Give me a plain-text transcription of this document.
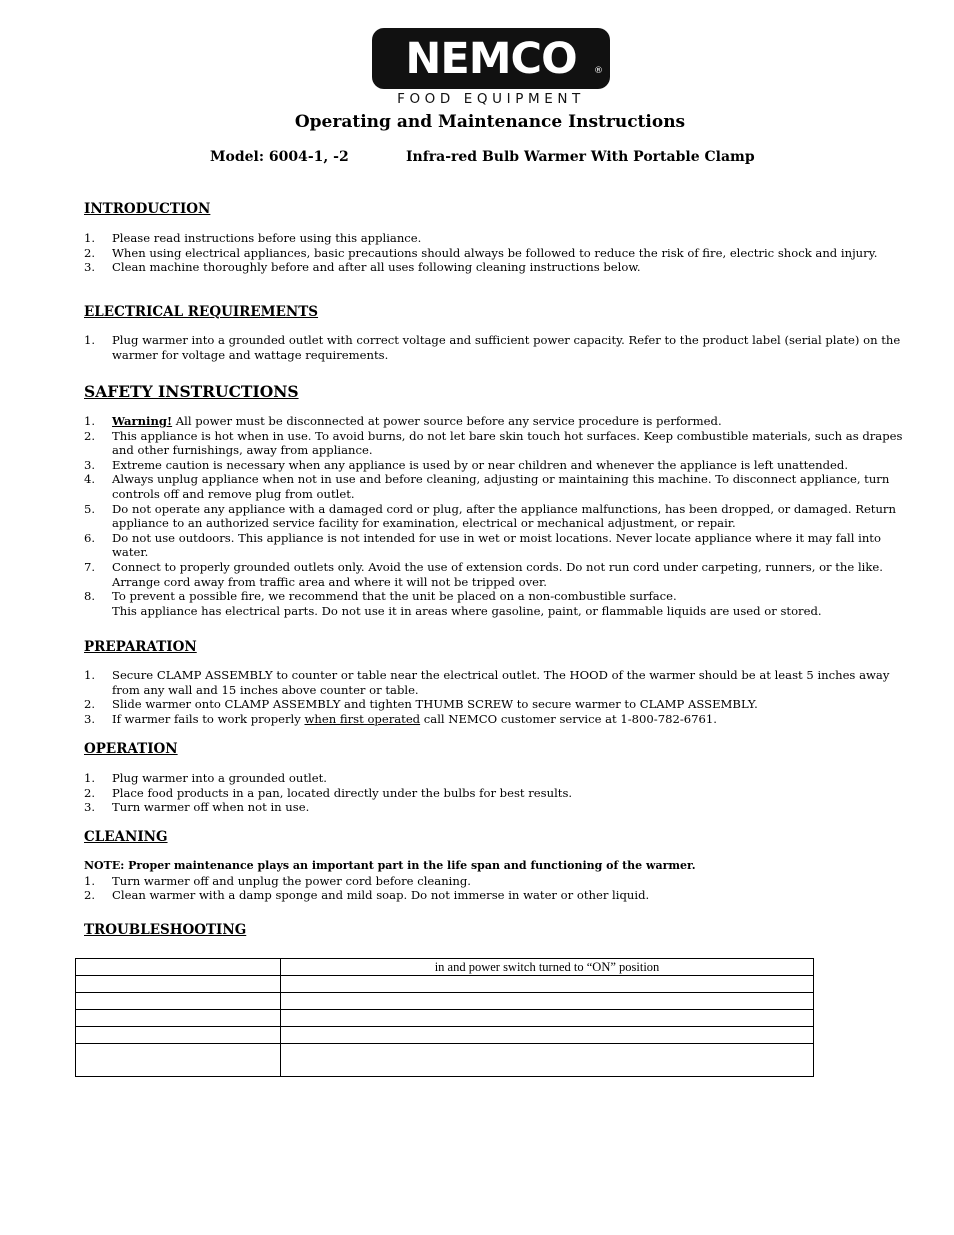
NEMCO	®
FOOD EQUIPMENT
Operating and Maintenance Instructions
Model: 6004-1, -2	Infra-red Bulb Warmer With Portable Clamp
INTRODUCTION
1. Please read instructions before using this appliance.
2. When using electrical appliances, basic precautions should always be followed to reduce the risk of fire, electric shock and injury.
3. Clean machine thoroughly before and after all uses following cleaning instructions below.
ELECTRICAL REQUIREMENTS
1. Plug warmer into a grounded outlet with correct voltage and sufficient power capacity. Refer to the product label (serial plate) on the warmer for voltage and wattage requirements.
SAFETY INSTRUCTIONS
1. Warning! All power must be disconnected at power source before any service procedure is performed.
2. This appliance is hot when in use. To avoid burns, do not let bare skin touch hot surfaces. Keep combustible materials, such as drapes and other furnishings, away from appliance.
3. Extreme caution is necessary when any appliance is used by or near children and whenever the appliance is left unattended.
4. Always unplug appliance when not in use and before cleaning, adjusting or maintaining this machine. To disconnect appliance, turn controls off and remove plug from outlet.
5. Do not operate any appliance with a damaged cord or plug, after the appliance malfunctions, has been dropped, or damaged. Return appliance to an authorized service facility for examination, electrical or mechanical adjustment, or repair.
6. Do not use outdoors. This appliance is not intended for use in wet or moist locations. Never locate appliance where it may fall into water.
7. Connect to properly grounded outlets only. Avoid the use of extension cords. Do not run cord under carpeting, runners, or the like. Arrange cord away from traffic area and where it will not be tripped over.
8. To prevent a possible fire, we recommend that the unit be placed on a non-combustible surface.
This appliance has electrical parts. Do not use it in areas where gasoline, paint, or flammable liquids are used or stored.
PREPARATION
1. Secure CLAMP ASSEMBLY to counter or table near the electrical outlet. The HOOD of the warmer should be at least 5 inches away from any wall and 15 inches above counter or table.
2. Slide warmer onto CLAMP ASSEMBLY and tighten THUMB SCREW to secure warmer to CLAMP ASSEMBLY.
3. If warmer fails to work properly when first operated call NEMCO customer service at 1-800-782-6761.
OPERATION
1. Plug warmer into a grounded outlet.
2. Place food products in a pan, located directly under the bulbs for best results.
3. Turn warmer off when not in use.
CLEANING
NOTE: Proper maintenance plays an important part in the life span and functioning of the warmer.
1. Turn warmer off and unplug the power cord before cleaning.
2. Clean warmer with a damp sponge and mild soap. Do not immerse in water or other liquid.
TROUBLESHOOTING
	in and power switch turned to “ON” position
